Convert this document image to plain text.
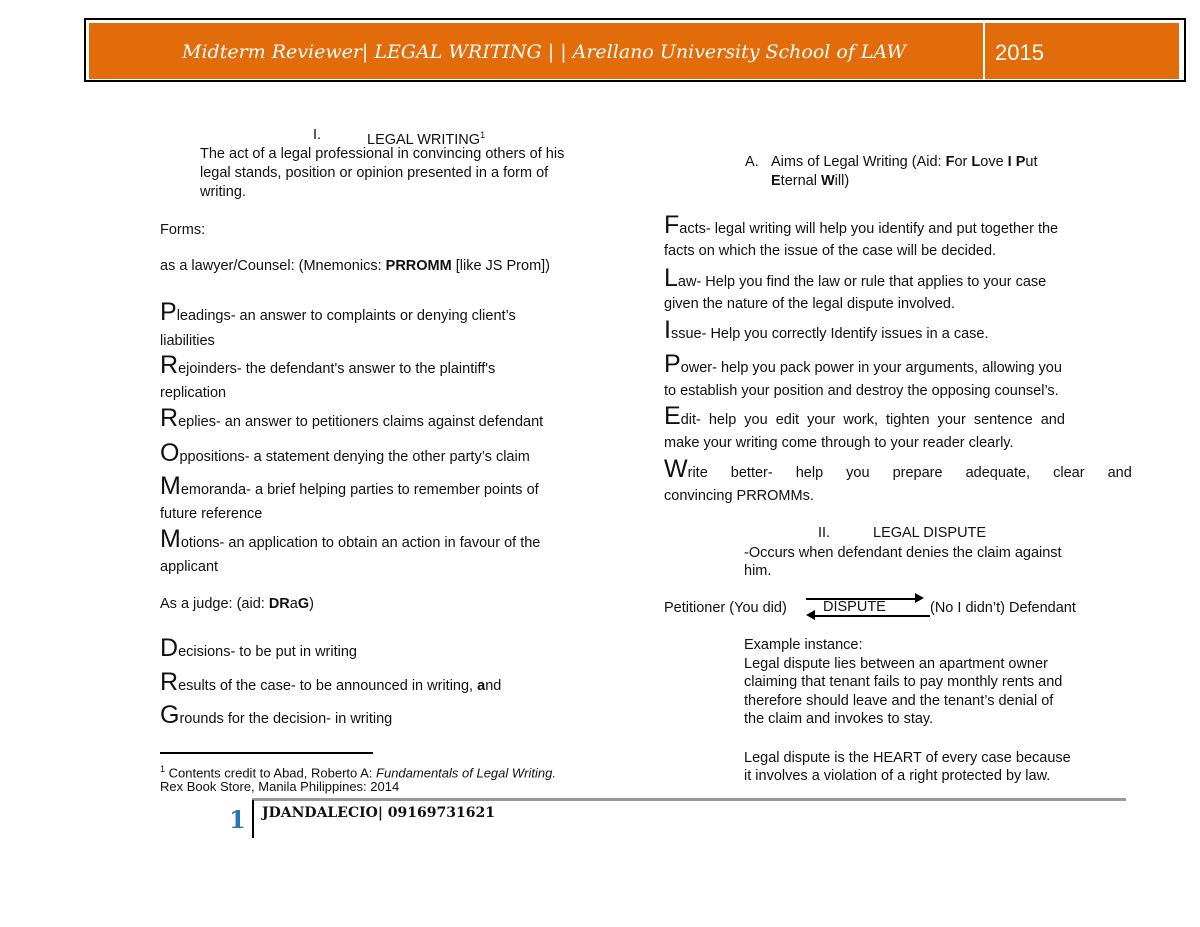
Midterm Reviewer| LEGAL WRITING | | Arellano University School of LAW	2015
I.	LEGAL WRITING$^1$
The act of a legal professional in convincing others of his
legal stands, position or opinion presented in a form of
writing.
Forms:
as a lawyer/Counsel: (Mnemonics: PRROMM [like JS Prom])
Pleadings- an answer to complaints or denying client’s
liabilities
Rejoinders- the defendant's answer to the plaintiff's
replication
Replies- an answer to petitioners claims against defendant
Oppositions- a statement denying the other party’s claim
Memoranda- a brief helping parties to remember points of
future reference
Motions- an application to obtain an action in favour of the
applicant
As a judge: (aid: DRaG)
Decisions- to be put in writing
Results of the case- to be announced in writing, and
Grounds for the decision- in writing
$^1$ Contents credit to Abad, Roberto A: Fundamentals of Legal Writing.
Rex Book Store, Manila Philippines: 2014
A. Aims of Legal Writing (Aid: For Love I Put
Eternal Will)
Facts- legal writing will help you identify and put together the
facts on which the issue of the case will be decided.
Law- Help you find the law or rule that applies to your case
given the nature of the legal dispute involved.
Issue- Help you correctly Identify issues in a case.
Power- help you pack power in your arguments, allowing you
to establish your position and destroy the opposing counsel’s.
Edit- help you edit your work, tighten your sentence and
make your writing come through to your reader clearly.
Write better- help you prepare adequate, clear and
convincing PRROMMs.
II.	LEGAL DISPUTE
-Occurs when defendant denies the claim against
him.
Petitioner (You did) DISPUTE	(No I didn’t) Defendant
Example instance:
Legal dispute lies between an apartment owner
claiming that tenant fails to pay monthly rents and
therefore should leave and the tenant’s denial of
the claim and invokes to stay.
Legal dispute is the HEART of every case because
it involves a violation of a right protected by law.
1 JDANDALECIO| 09169731621
